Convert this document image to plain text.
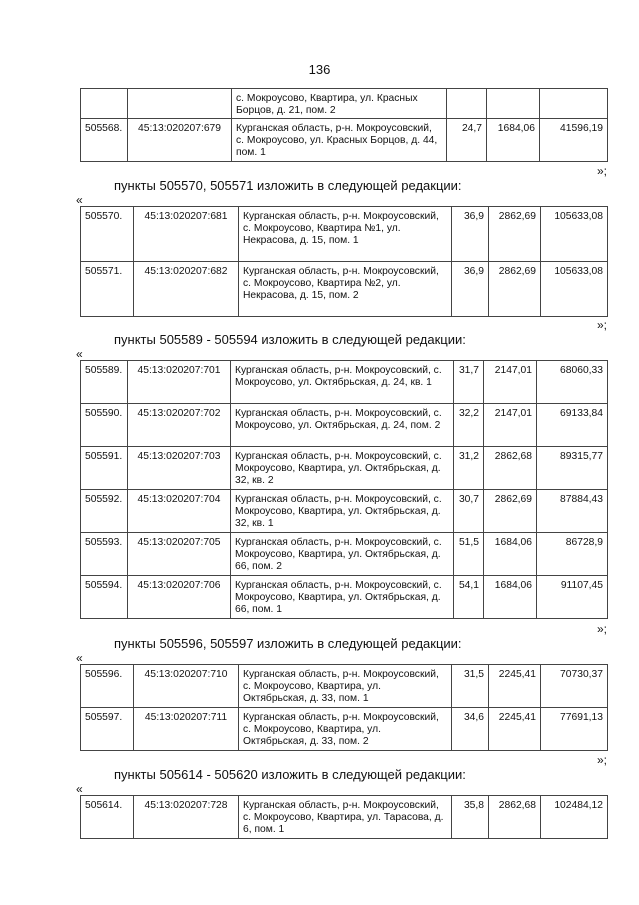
136
		с. Мокроусово, Квартира, ул. Красных Борцов, д. 21, пом. 2			
505568.	45:13:020207:679	Курганская область, р-н. Мокроусовский, с. Мокроусово, ул. Красных Борцов, д. 44, пом. 1	24,7	1684,06	41596,19
»;
пункты 505570, 505571 изложить в следующей редакции:
«
505570.	45:13:020207:681	Курганская область, р-н. Мокроусовский, с. Мокроусово, Квартира №1, ул. Некрасова, д. 15, пом. 1	36,9	2862,69	105633,08
505571.	45:13:020207:682	Курганская область, р-н. Мокроусовский, с. Мокроусово, Квартира №2, ул. Некрасова, д. 15, пом. 2	36,9	2862,69	105633,08
»;
пункты 505589 - 505594 изложить в следующей редакции:
«
505589.	45:13:020207:701	Курганская область, р-н. Мокроусовский, с. Мокроусово, ул. Октябрьская, д. 24, кв. 1	31,7	2147,01	68060,33
505590.	45:13:020207:702	Курганская область, р-н. Мокроусовский, с. Мокроусово, ул. Октябрьская, д. 24, пом. 2	32,2	2147,01	69133,84
505591.	45:13:020207:703	Курганская область, р-н. Мокроусовский, с. Мокроусово, Квартира, ул. Октябрьская, д. 32, кв. 2	31,2	2862,68	89315,77
505592.	45:13:020207:704	Курганская область, р-н. Мокроусовский, с. Мокроусово, Квартира, ул. Октябрьская, д. 32, кв. 1	30,7	2862,69	87884,43
505593.	45:13:020207:705	Курганская область, р-н. Мокроусовский, с. Мокроусово, Квартира, ул. Октябрьская, д. 66, пом. 2	51,5	1684,06	86728,9
505594.	45:13:020207:706	Курганская область, р-н. Мокроусовский, с. Мокроусово, Квартира, ул. Октябрьская, д. 66, пом. 1	54,1	1684,06	91107,45
»;
пункты 505596, 505597 изложить в следующей редакции:
«
505596.	45:13:020207:710	Курганская область, р-н. Мокроусовский, с. Мокроусово, Квартира, ул. Октябрьская, д. 33, пом. 1	31,5	2245,41	70730,37
505597.	45:13:020207:711	Курганская область, р-н. Мокроусовский, с. Мокроусово, Квартира, ул. Октябрьская, д. 33, пом. 2	34,6	2245,41	77691,13
»;
пункты 505614 - 505620 изложить в следующей редакции:
«
505614.	45:13:020207:728	Курганская область, р-н. Мокроусовский, с. Мокроусово, Квартира, ул. Тарасова, д. 6, пом. 1	35,8	2862,68	102484,12
